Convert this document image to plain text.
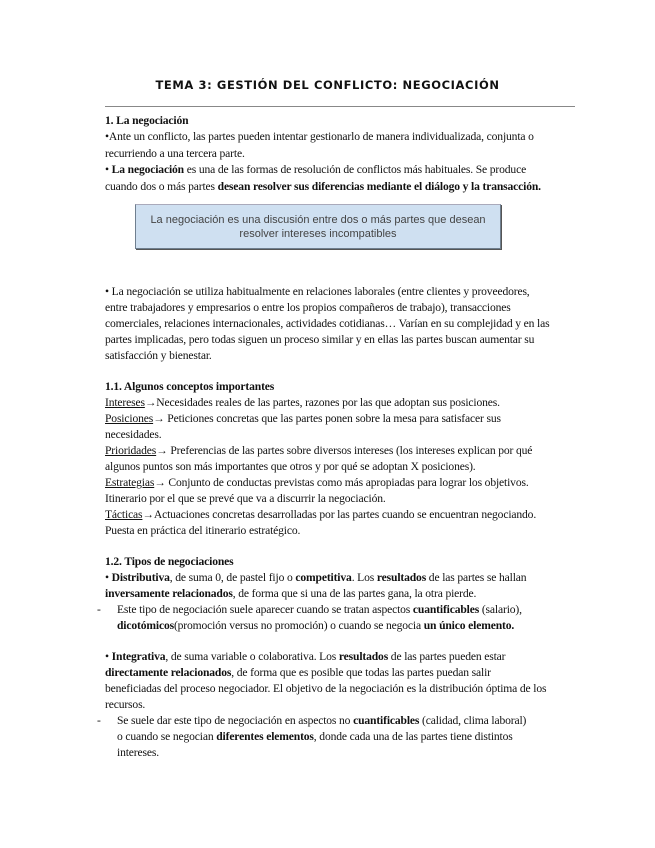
TEMA 3: GESTIÓN DEL CONFLICTO: NEGOCIACIÓN
La negociación es una discusión entre dos o más partes que desean
resolver intereses incompatibles
1. La negociación
•Ante un conflicto, las partes pueden intentar gestionarlo de manera individualizada, conjunta o
recurriendo a una tercera parte.
• La negociación es una de las formas de resolución de conflictos más habituales. Se produce
cuando dos o más partes desean resolver sus diferencias mediante el diálogo y la transacción.
• La negociación se utiliza habitualmente en relaciones laborales (entre clientes y proveedores,
entre trabajadores y empresarios o entre los propios compañeros de trabajo), transacciones
comerciales, relaciones internacionales, actividades cotidianas… Varían en su complejidad y en las
partes implicadas, pero todas siguen un proceso similar y en ellas las partes buscan aumentar su
satisfacción y bienestar.
1.1. Algunos conceptos importantes
Intereses→Necesidades reales de las partes, razones por las que adoptan sus posiciones.
Posiciones→ Peticiones concretas que las partes ponen sobre la mesa para satisfacer sus
necesidades.
Prioridades→ Preferencias de las partes sobre diversos intereses (los intereses explican por qué
algunos puntos son más importantes que otros y por qué se adoptan X posiciones).
Estrategias→ Conjunto de conductas previstas como más apropiadas para lograr los objetivos.
Itinerario por el que se prevé que va a discurrir la negociación.
Tácticas→Actuaciones concretas desarrolladas por las partes cuando se encuentran negociando.
Puesta en práctica del itinerario estratégico.
1.2. Tipos de negociaciones
• Distributiva, de suma 0, de pastel fijo o competitiva. Los resultados de las partes se hallan
inversamente relacionados, de forma que si una de las partes gana, la otra pierde.
- Este tipo de negociación suele aparecer cuando se tratan aspectos cuantificables (salario),
dicotómicos(promoción versus no promoción) o cuando se negocia un único elemento.
• Integrativa, de suma variable o colaborativa. Los resultados de las partes pueden estar
directamente relacionados, de forma que es posible que todas las partes puedan salir
beneficiadas del proceso negociador. El objetivo de la negociación es la distribución óptima de los
recursos.
- Se suele dar este tipo de negociación en aspectos no cuantificables (calidad, clima laboral)
o cuando se negocian diferentes elementos, donde cada una de las partes tiene distintos
intereses.
